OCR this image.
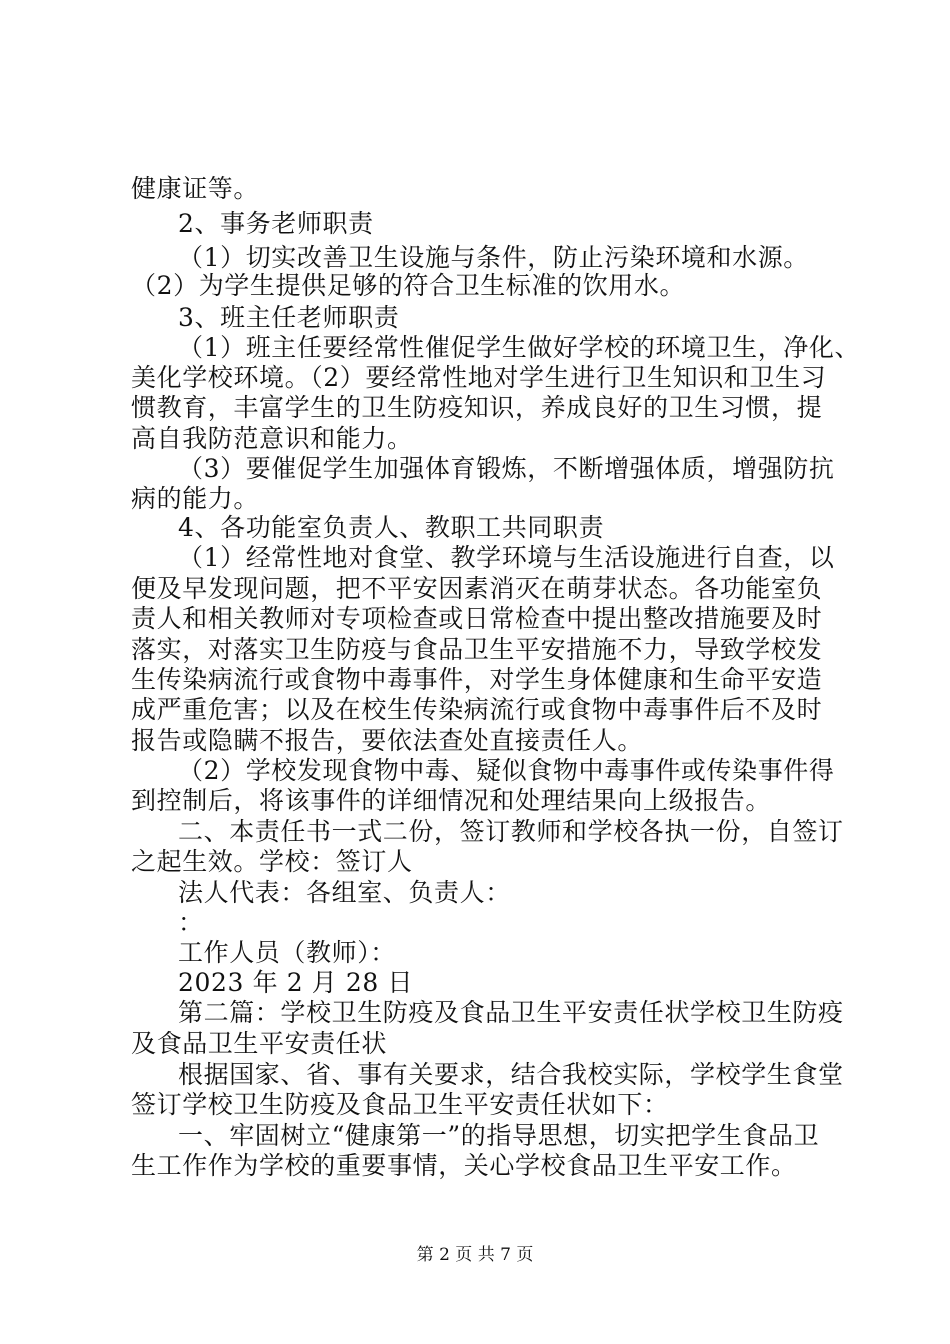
健康证等。
2、事务老师职责
（1）切实改善卫生设施与条件，防止污染环境和水源。
（2）为学生提供足够的符合卫生标准的饮用水。
3、班主任老师职责
（1）班主任要经常性催促学生做好学校的环境卫生，净化、
美化学校环境。（2）要经常性地对学生进行卫生知识和卫生习
惯教育，丰富学生的卫生防疫知识，养成良好的卫生习惯，提
高自我防范意识和能力。
（3）要催促学生加强体育锻炼，不断增强体质，增强防抗
病的能力。
4、各功能室负责人、教职工共同职责
（1）经常性地对食堂、教学环境与生活设施进行自查，以
便及早发现问题，把不平安因素消灭在萌芽状态。各功能室负
责人和相关教师对专项检查或日常检查中提出整改措施要及时
落实，对落实卫生防疫与食品卫生平安措施不力，导致学校发
生传染病流行或食物中毒事件，对学生身体健康和生命平安造
成严重危害；以及在校生传染病流行或食物中毒事件后不及时
报告或隐瞒不报告，要依法查处直接责任人。
（2）学校发现食物中毒、疑似食物中毒事件或传染事件得
到控制后，将该事件的详细情况和处理结果向上级报告。
二、本责任书一式二份，签订教师和学校各执一份，自签订
之起生效。学校：签订人
法人代表：各组室、负责人：
：
工作人员（教师）：
2023 年 2 月 28 日
第二篇：学校卫生防疫及食品卫生平安责任状学校卫生防疫
及食品卫生平安责任状
根据国家、省、事有关要求，结合我校实际，学校学生食堂
签订学校卫生防疫及食品卫生平安责任状如下：
一、牢固树立“健康第一”的指导思想，切实把学生食品卫
生工作作为学校的重要事情，关心学校食品卫生平安工作。
第 2 页 共 7 页
